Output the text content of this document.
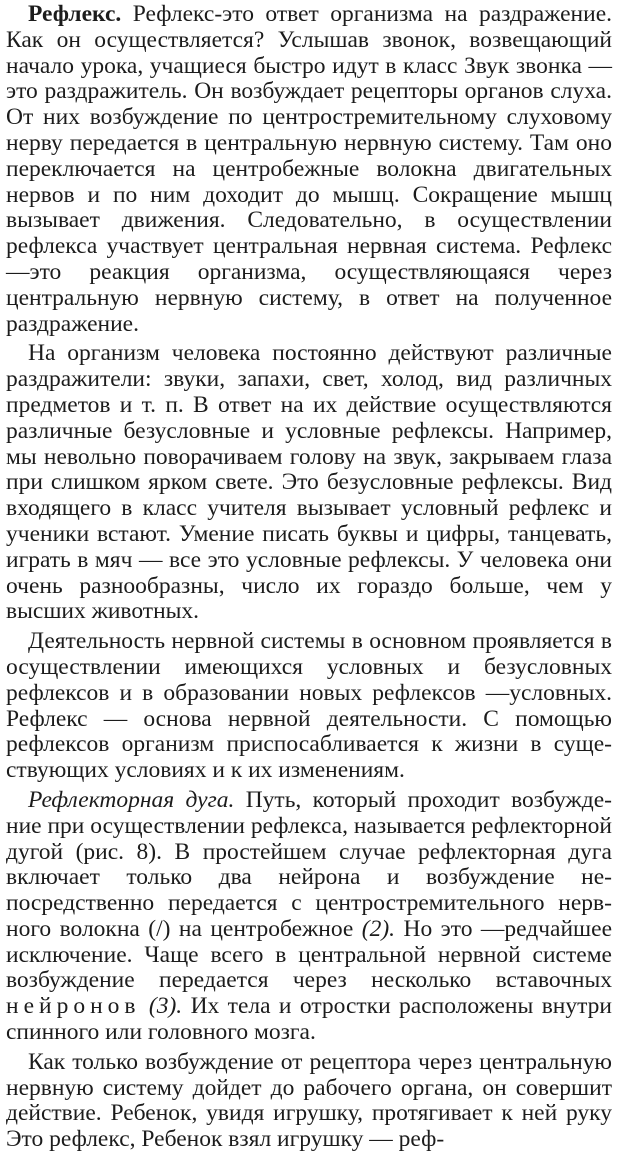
Рефлекс. Рефлекс-это ответ организма на раздражение. Как он осуществляется? Услышав звонок, возвещающий начало урока, учащиеся быстро идут в класс Звук звонка —это раздражитель. Он возбуждает рецепторы органов слуха. От них возбуждение по центростремительному слуховому нерву передается в центральную нервную систему. Там оно переключается на центробежные волокна двигательных нервов и по ним доходит до мышц. Сокращение мышц вызывает движения. Следовательно, в осуществлении рефлекса участвует центральная нервная система. Рефлекс—это реакция организма, осуществляющаяся через центральную нервную систему, в ответ на полученное раздражение.

На организм человека постоянно действуют различные раздражители: звуки, запахи, свет, холод, вид различных предметов и т. п. В ответ на их действие осуществляются различные безусловные и условные рефлексы. Например, мы невольно поворачиваем голову на звук, закрываем глаза при слишком ярком свете. Это безусловные рефлексы. Вид входящего в класс учителя вызывает условный рефлекс и ученики встают. Умение писать буквы и цифры, танцевать, играть в мяч — все это условные рефлексы. У человека они очень разнообразны, число их гораздо больше, чем у высших животных.

Деятельность нервной системы в основном проявляется в осуществлении имеющихся условных и безусловных рефлексов и в образовании новых рефлексов —условных. Рефлекс — основа нервной деятельности. С помощью рефлексов организм приспосабливается к жизни в существующих условиях и к их изменениям.

Рефлекторная дуга. Путь, который проходит возбуждение при осуществлении рефлекса, называется рефлекторной дугой (рис. 8). В простейшем случае рефлекторная дуга включает только два нейрона и возбуждение непосредственно передается с центростремительного нервного волокна (/) на центробежное (2). Но это —редчайшее исключение. Чаще всего в центральной нервной системе возбуждение передается через несколько вставочных нейронов (3). Их тела и отростки расположены внутри спинного или головного мозга.

Как только возбуждение от рецептора через центральную нервную систему дойдет до рабочего органа, он совершит действие. Ребенок, увидя игрушку, протягивает к ней руку Это рефлекс, Ребенок взял игрушку — реф-
